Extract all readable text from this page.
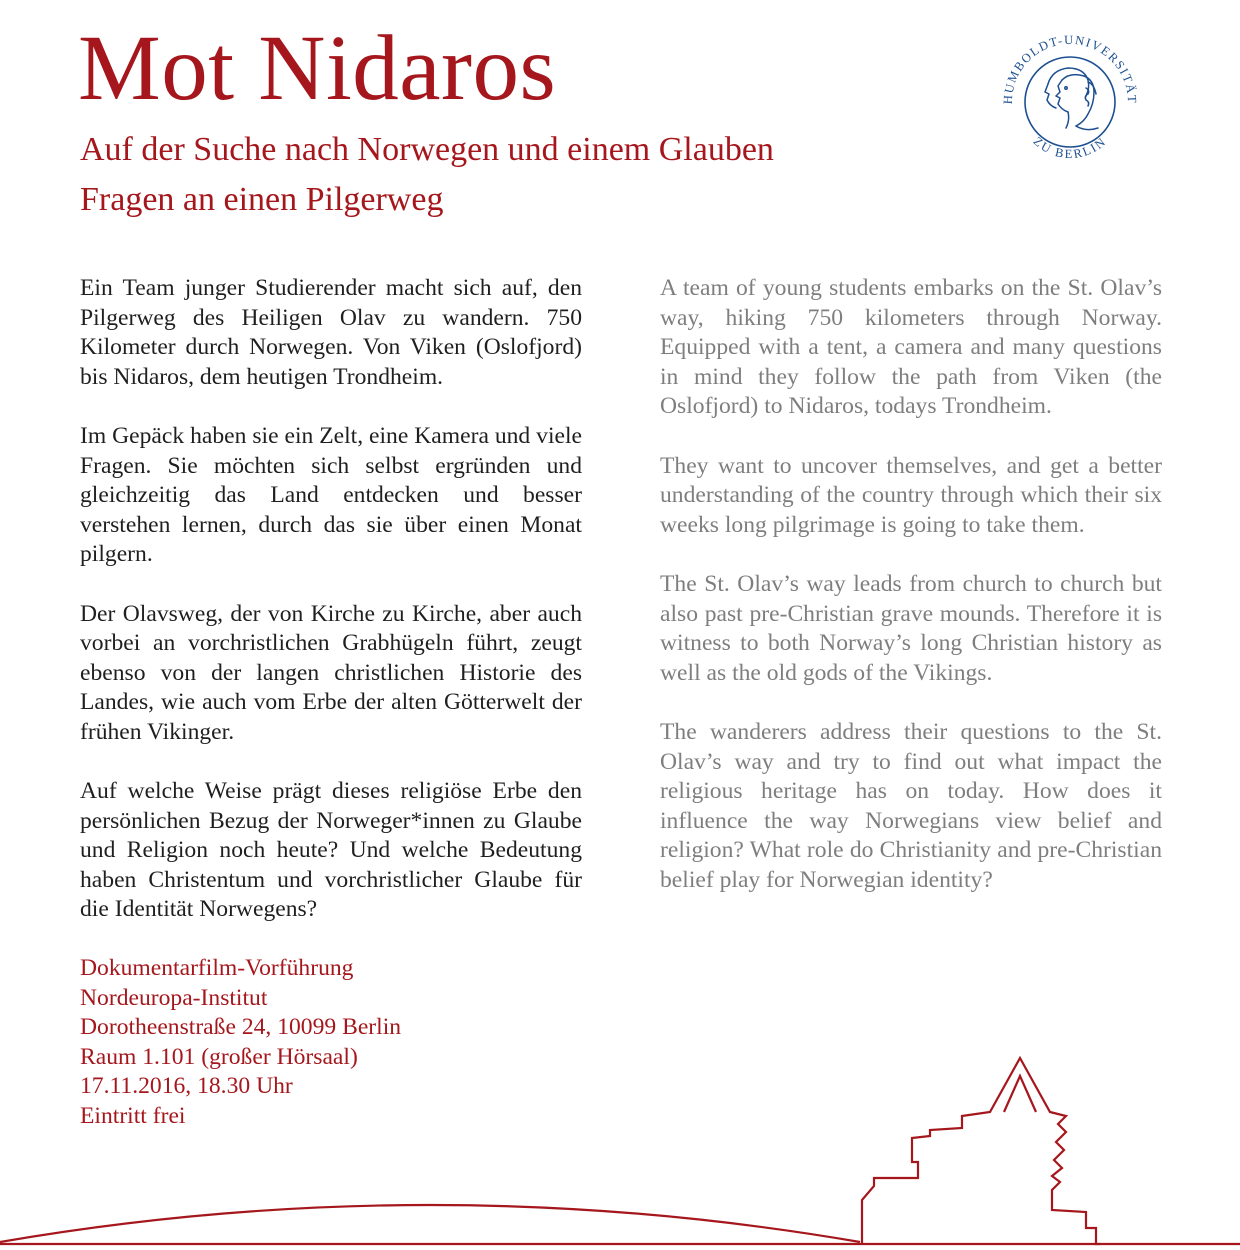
Mot Nidaros
Auf der Suche nach Norwegen und einem Glauben
Fragen an einen Pilgerweg
HUMBOLDT-UNIVERSITÄT
ZU BERLIN

Ein Team junger Studierender macht sich auf, den Pilgerweg des Heiligen Olav zu wandern. 750 Kilometer durch Norwegen. Von Viken (Oslofjord) bis Nidaros, dem heutigen Trondheim.

Im Gepäck haben sie ein Zelt, eine Kamera und viele Fragen. Sie möchten sich selbst ergründen und gleichzeitig das Land entdecken und besser verstehen lernen, durch das sie über einen Monat pilgern.

Der Olavsweg, der von Kirche zu Kirche, aber auch vorbei an vorchristlichen Grabhügeln führt, zeugt ebenso von der langen christlichen Historie des Landes, wie auch vom Erbe der alten Götterwelt der frühen Vikinger.

Auf welche Weise prägt dieses religiöse Erbe den persönlichen Bezug der Norweger*innen zu Glaube und Religion noch heute? Und welche Bedeutung haben Christentum und vorchristlicher Glaube für die Identität Norwegens?

A team of young students embarks on the St. Olav’s way, hiking 750 kilometers through Norway. Equipped with a tent, a camera and many questions in mind they follow the path from Viken (the Oslofjord) to Nidaros, todays Trondheim.

They want to uncover themselves, and get a better understanding of the country through which their six weeks long pilgrimage is going to take them.

The St. Olav’s way leads from church to church but also past pre-Christian grave mounds. Therefore it is witness to both Norway’s long Christian history as well as the old gods of the Vikings.

The wanderers address their questions to the St. Olav’s way and try to find out what impact the religious heritage has on today. How does it influence the way Norwegians view belief and religion? What role do Christianity and pre-Christian belief play for Norwegian identity?

Dokumentarfilm-Vorführung
Nordeuropa-Institut
Dorotheenstraße 24, 10099 Berlin
Raum 1.101 (großer Hörsaal)
17.11.2016, 18.30 Uhr
Eintritt frei
